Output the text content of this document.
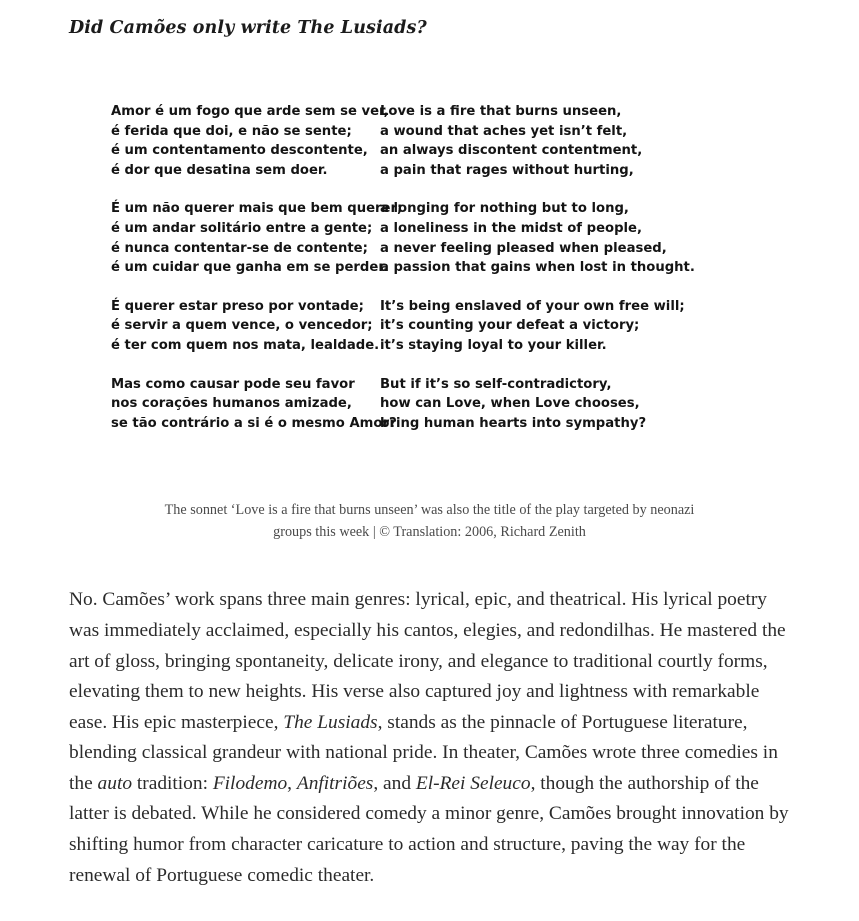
Did Camões only write The Lusiads?
Amor é um fogo que arde sem se ver,
é ferida que doi, e não se sente;
é um contentamento descontente,
é dor que desatina sem doer.
É um não querer mais que bem querer;
é um andar solitário entre a gente;
é nunca contentar-se de contente;
é um cuidar que ganha em se perder.
É querer estar preso por vontade;
é servir a quem vence, o vencedor;
é ter com quem nos mata, lealdade.
Mas como causar pode seu favor
nos corações humanos amizade,
se tão contrário a si é o mesmo Amor?
Love is a fire that burns unseen,
a wound that aches yet isn’t felt,
an always discontent contentment,
a pain that rages without hurting,
a longing for nothing but to long,
a loneliness in the midst of people,
a never feeling pleased when pleased,
a passion that gains when lost in thought.
It’s being enslaved of your own free will;
it’s counting your defeat a victory;
it’s staying loyal to your killer.
But if it’s so self-contradictory,
how can Love, when Love chooses,
bring human hearts into sympathy?

The sonnet ‘Love is a fire that burns unseen’ was also the title of the play targeted by neonazi groups this week | © Translation: 2006, Richard Zenith

No. Camões’ work spans three main genres: lyrical, epic, and theatrical. His lyrical poetry was immediately acclaimed, especially his cantos, elegies, and redondilhas. He mastered the art of gloss, bringing spontaneity, delicate irony, and elegance to traditional courtly forms, elevating them to new heights. His verse also captured joy and lightness with remarkable ease. His epic masterpiece, The Lusiads, stands as the pinnacle of Portuguese literature, blending classical grandeur with national pride. In theater, Camões wrote three comedies in the auto tradition: Filodemo, Anfitriões, and El-Rei Seleuco, though the authorship of the latter is debated. While he considered comedy a minor genre, Camões brought innovation by shifting humor from character caricature to action and structure, paving the way for the renewal of Portuguese comedic theater.
